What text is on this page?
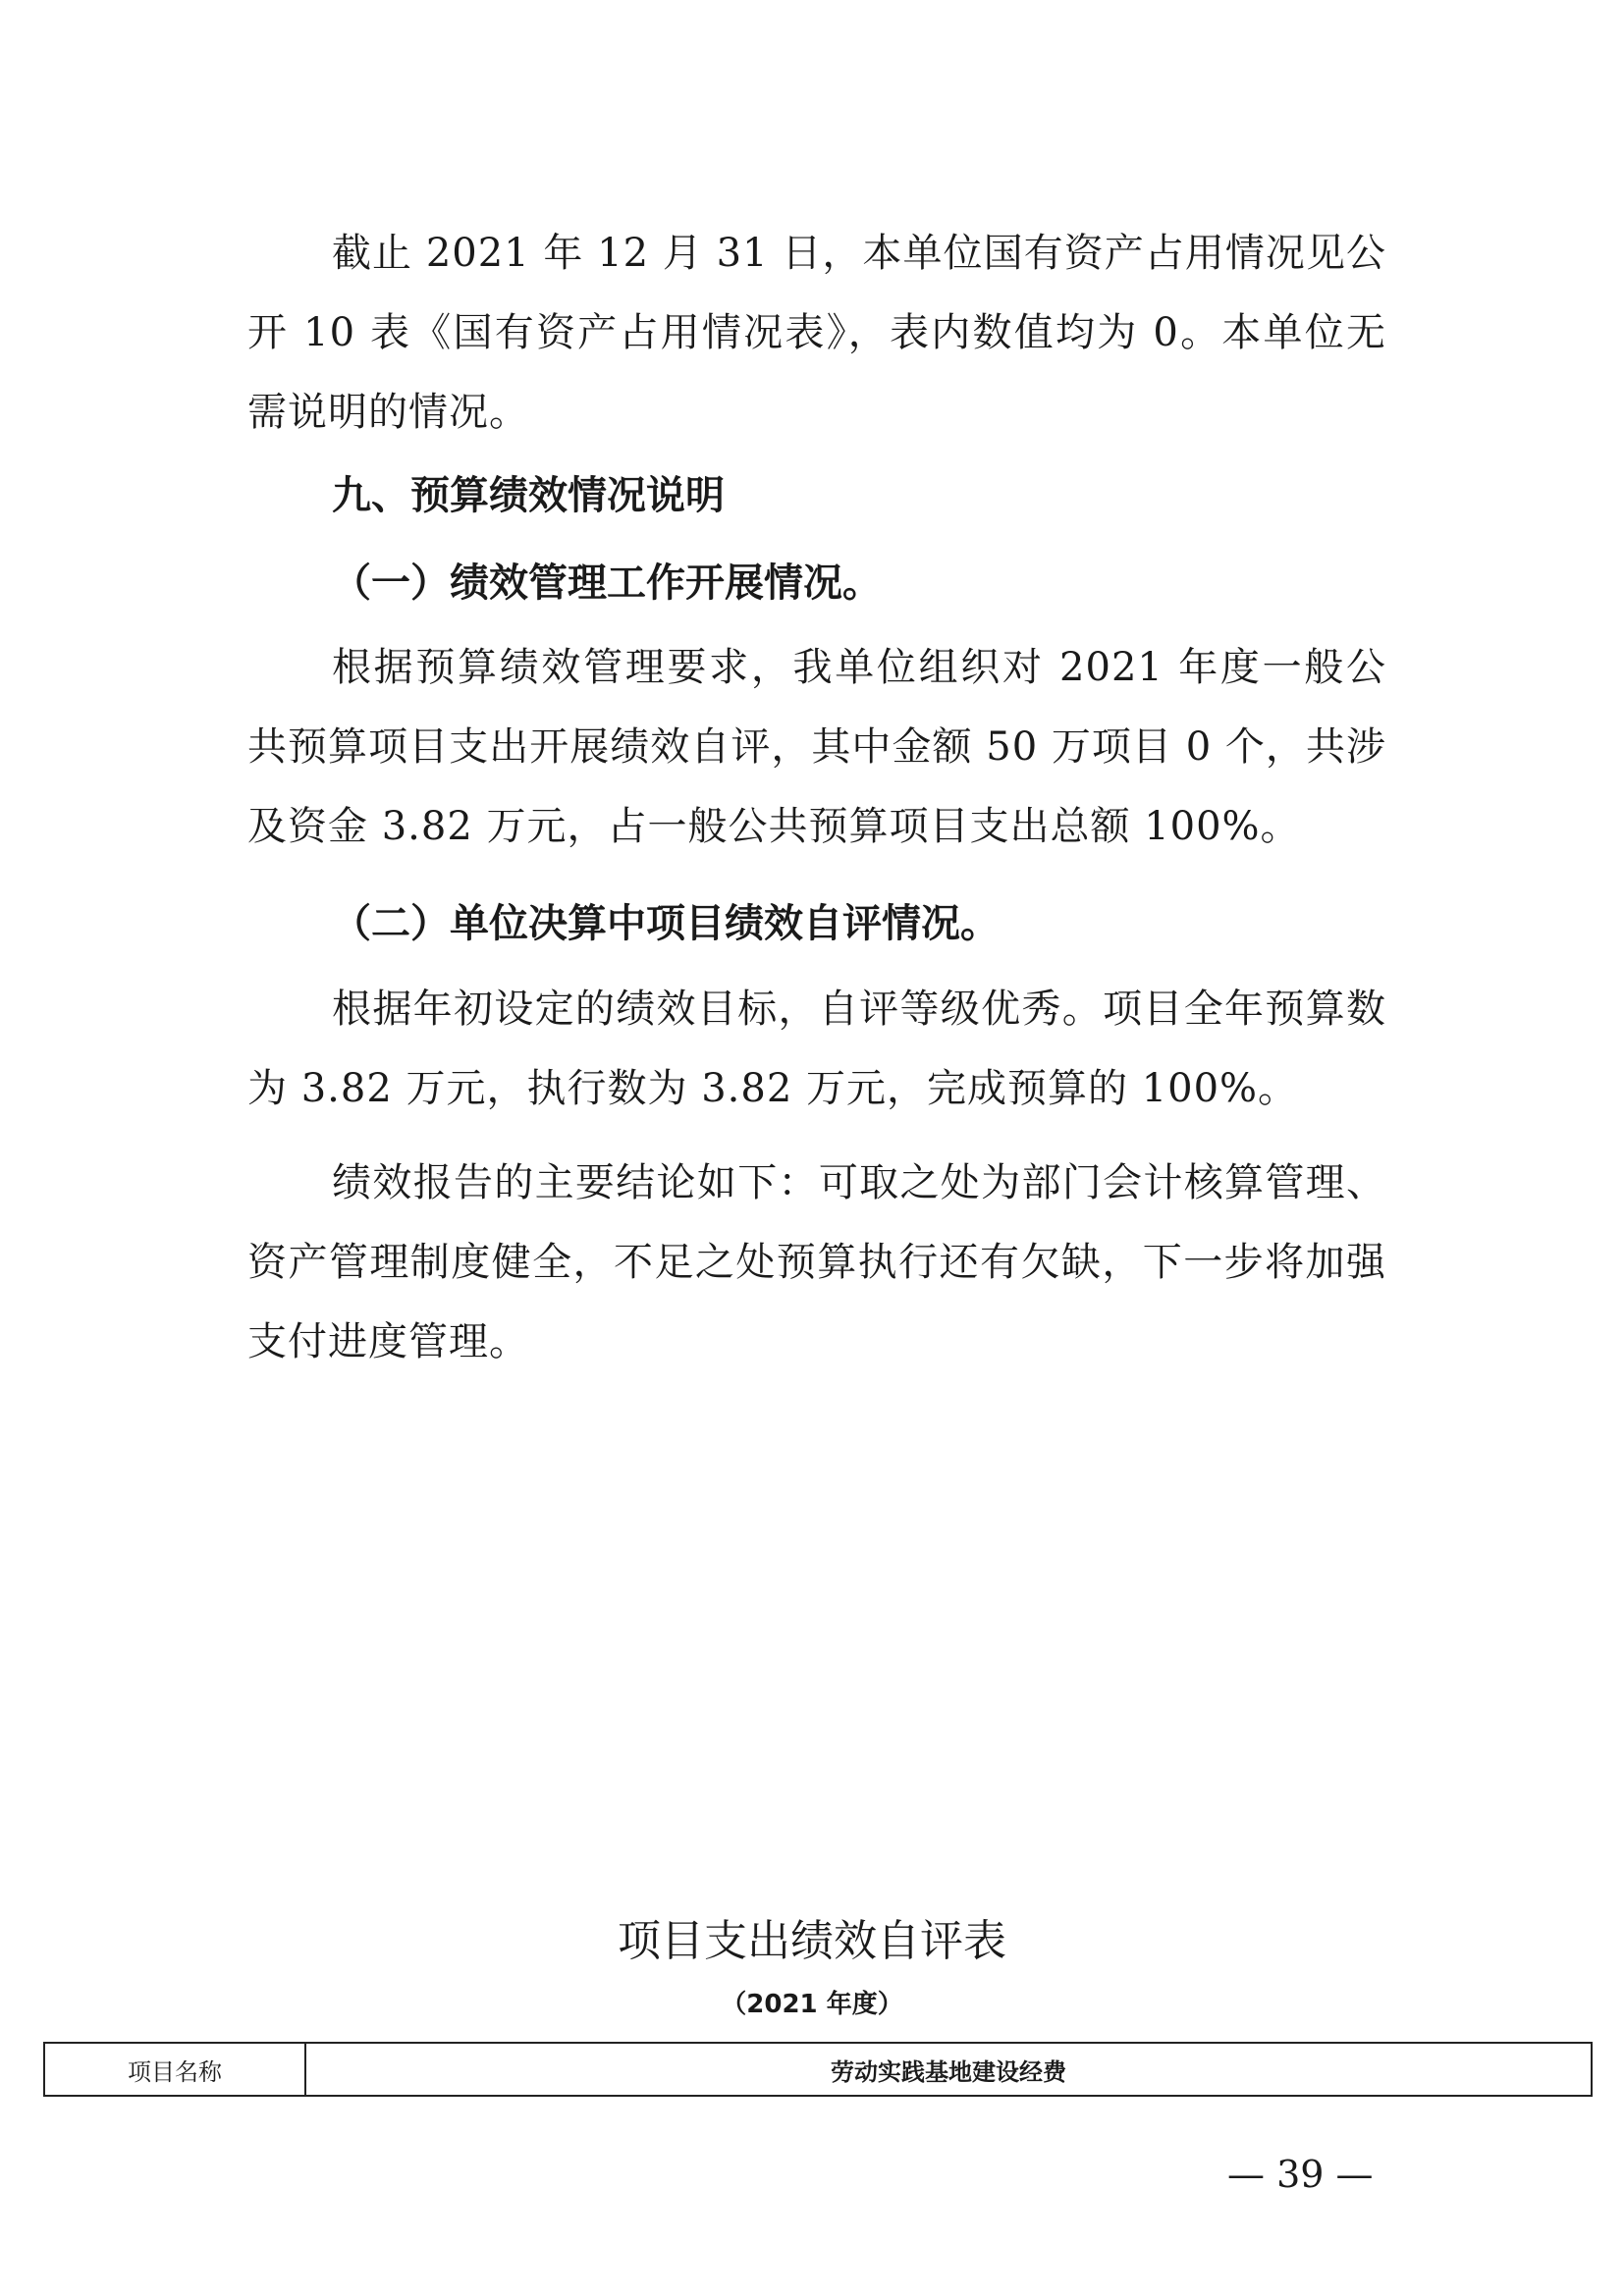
截止 2021 年 12 月 31 日，本单位国有资产占用情况见公开 10 表《国有资产占用情况表》，表内数值均为 0。本单位无需说明的情况。

九、预算绩效情况说明

（一）绩效管理工作开展情况。

根据预算绩效管理要求，我单位组织对 2021 年度一般公共预算项目支出开展绩效自评，其中金额 50 万项目 0 个，共涉及资金 3.82 万元，占一般公共预算项目支出总额 100%。

（二）单位决算中项目绩效自评情况。

根据年初设定的绩效目标，自评等级优秀。项目全年预算数为 3.82 万元，执行数为 3.82 万元，完成预算的 100%。

绩效报告的主要结论如下：可取之处为部门会计核算管理、资产管理制度健全，不足之处预算执行还有欠缺，下一步将加强支付进度管理。

项目支出绩效自评表

（2021 年度）

项目名称	劳动实践基地建设经费

— 39 —
